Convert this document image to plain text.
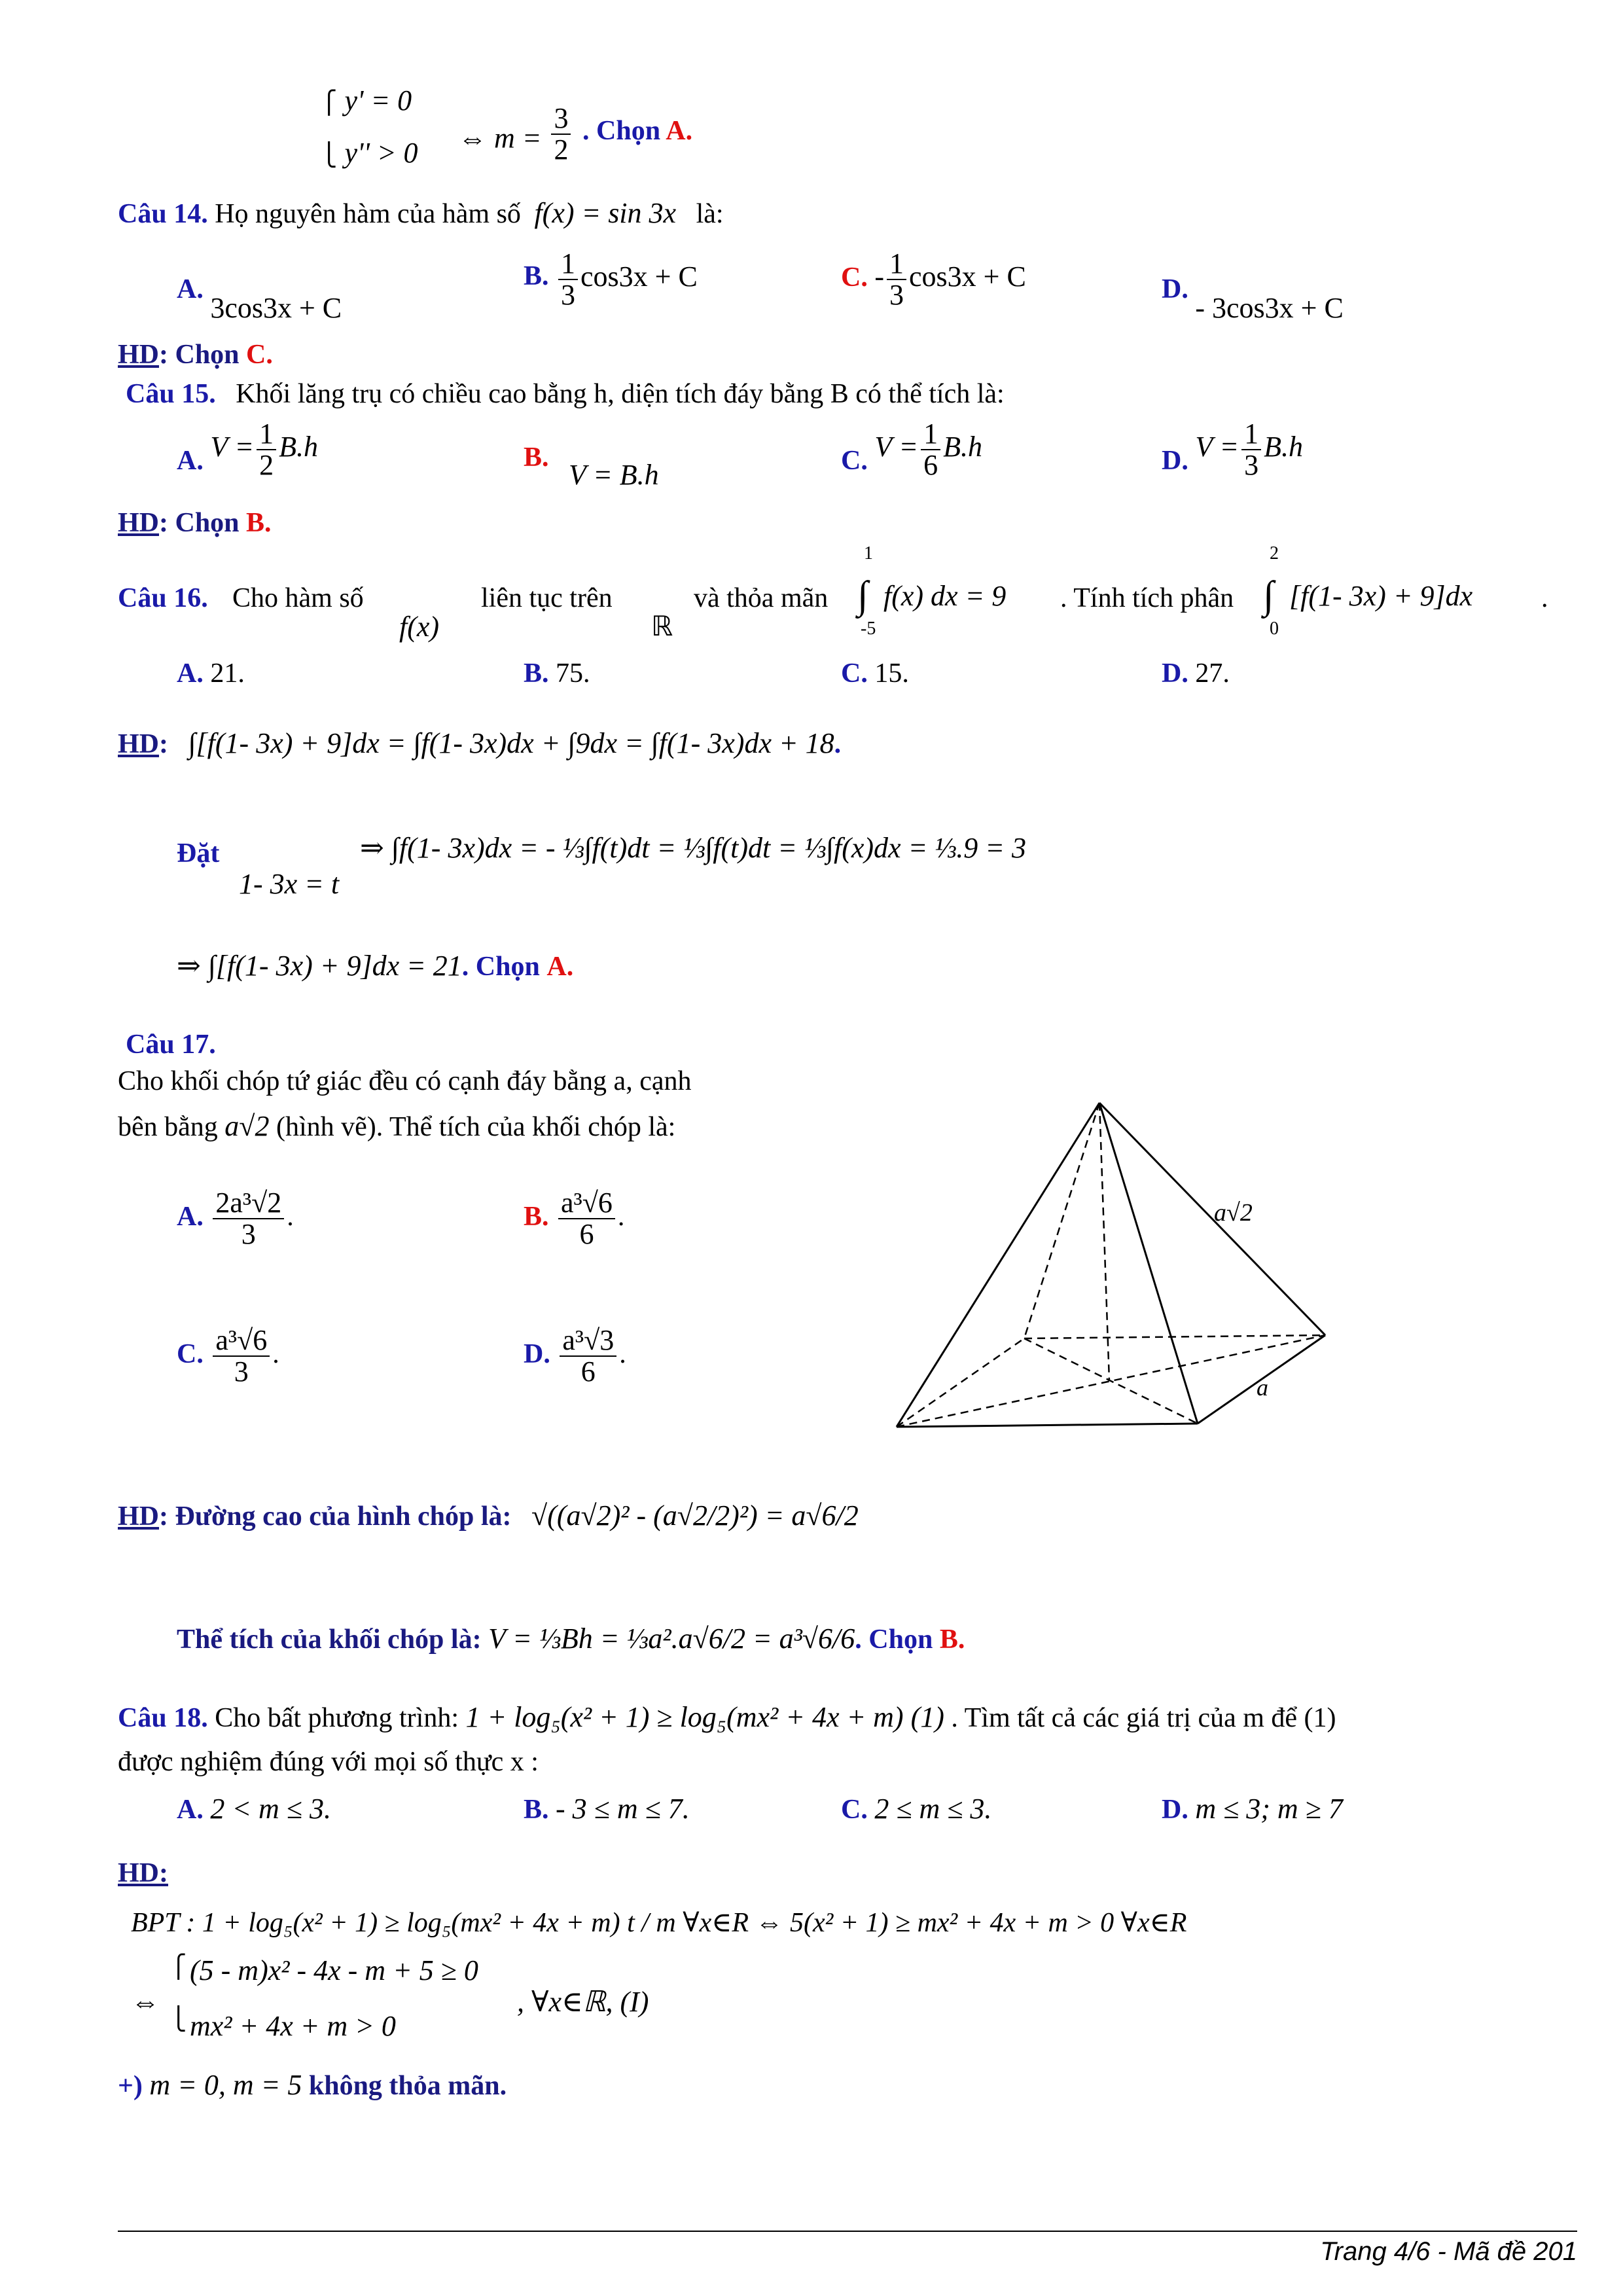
⎧ y' = 0
⎩ y'' > 0 ⇔ $m = \frac{3}{2}$ . Chọn A.
Câu 14. Họ nguyên hàm của hàm số f(x) = sin 3x là:
A. 3cos3x + C
B. $\frac{1}{3} \cos 3x + C$	C. - $\frac{1}{3} \cos 3x + C$	D. - 3cos3x + C
HD: Chọn C.
Câu 15. Khối lăng trụ có chiều cao bằng h, diện tích đáy bằng B có thể tích là:
A. $V = \frac{1}{2} B.h$	B. V = B.h	C. $V = \frac{1}{6} B.h$	D. $V = \frac{1}{3} B.h$
HD: Chọn B.
Câu 16. Cho hàm số
f(x)
liên tục trên
ℝ
và thỏa mãn
1
∫
-5
f(x) dx = 9 . Tính tích phân
2
∫
0
[f(1- 3x) + 9]dx .
A. 21.	B. 75.	C. 15.	D. 27.
HD: ∫[f(1- 3x) + 9]dx = ∫f(1- 3x)dx + ∫9dx = ∫f(1- 3x)dx + 18.
Đặt
1- 3x = t
⇒ ∫f(1- 3x)dx = - ⅓∫f(t)dt = ⅓∫f(t)dt = ⅓∫f(x)dx = ⅓.9 = 3
⇒ ∫[f(1- 3x) + 9]dx = 21. Chọn A.
Câu 17.
Cho khối chóp tứ giác đều có cạnh đáy bằng a, cạnh
bên bằng a√2 (hình vẽ). Thể tích của khối chóp là:
A. $\frac{\text{2a³√2}}{3}$ .	B. $\frac{\text{a³√6}}{6}$ .
C. $\frac{\text{a³√6}}{3}$ .	D. $\frac{\text{a³√3}}{6}$ .
a√2
a
HD: Đường cao của hình chóp là: √((a√2)² - (a√2/2)²) = a√6/2
Thể tích của khối chóp là: V = ⅓Bh = ⅓a².a√6/2 = a³√6/6. Chọn B.
Câu 18. Cho bất phương trình: 1 + log₅(x² + 1) ≥ log₅(mx² + 4x + m) (1) . Tìm tất cả các giá trị của m để (1)
được nghiệm đúng với mọi số thực x :
A. 2 < m ≤ 3.	B. - 3 ≤ m ≤ 7.	C. 2 ≤ m ≤ 3.	D. m ≤ 3; m ≥ 7
HD:
BPT : 1 + log₅(x² + 1) ≥ log₅(mx² + 4x + m) t / m ∀x∈R ⇔ 5(x² + 1) ≥ mx² + 4x + m > 0 ∀x∈R
⇔
⎧
⎩
(5 - m)x² - 4x - m + 5 ≥ 0
mx² + 4x + m > 0
, ∀x∈ℝ, (I)
+) m = 0, m = 5 không thỏa mãn.
Trang 4/6 - Mã đề 201
